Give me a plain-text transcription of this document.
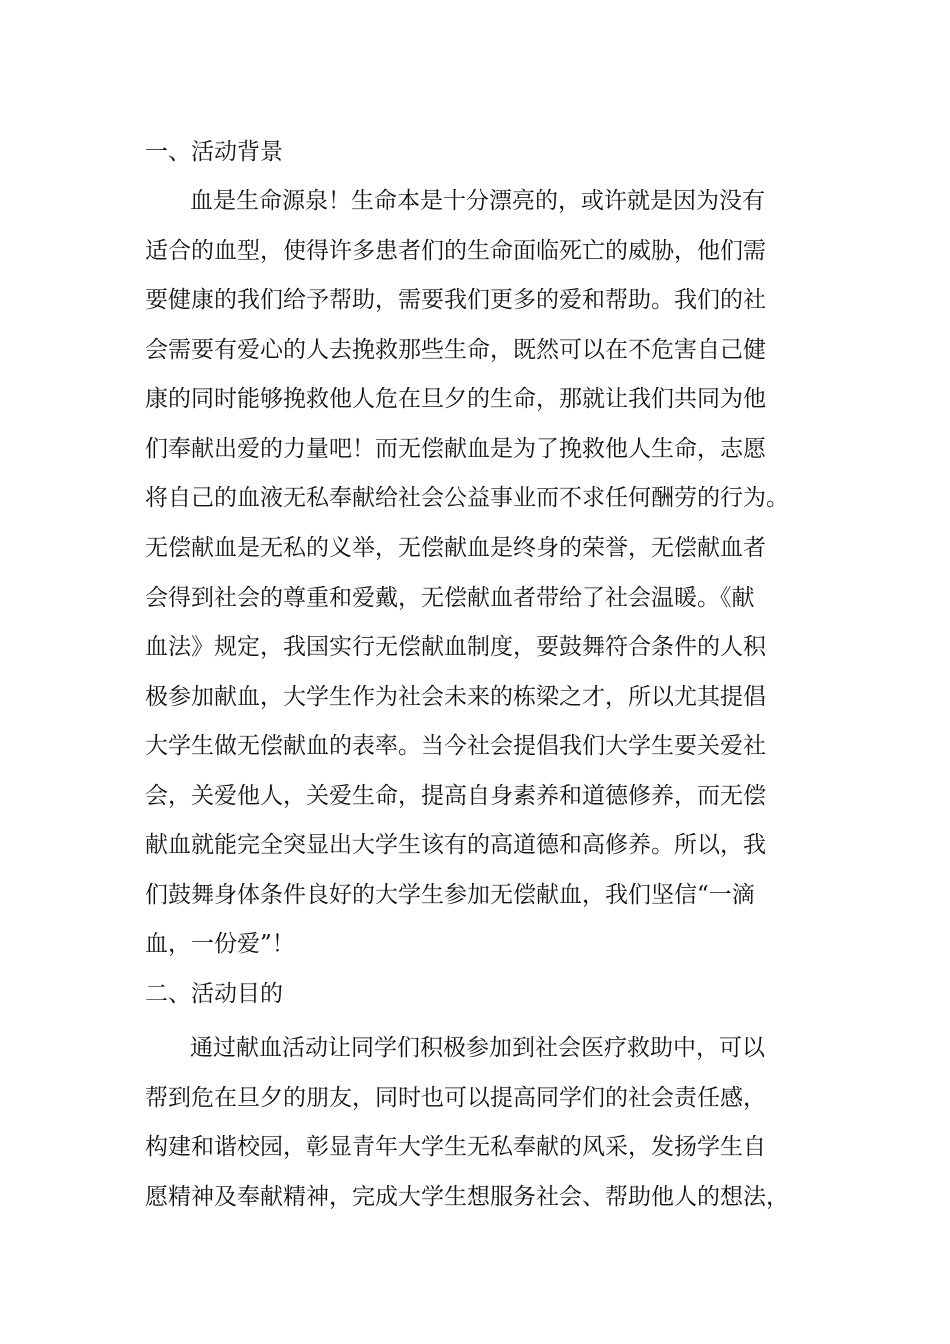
一、活动背景
血是生命源泉！生命本是十分漂亮的，或许就是因为没有
适合的血型，使得许多患者们的生命面临死亡的威胁，他们需
要健康的我们给予帮助，需要我们更多的爱和帮助。我们的社
会需要有爱心的人去挽救那些生命，既然可以在不危害自己健
康的同时能够挽救他人危在旦夕的生命，那就让我们共同为他
们奉献出爱的力量吧！而无偿献血是为了挽救他人生命，志愿
将自己的血液无私奉献给社会公益事业而不求任何酬劳的行为。
无偿献血是无私的义举，无偿献血是终身的荣誉，无偿献血者
会得到社会的尊重和爱戴，无偿献血者带给了社会温暖。《献
血法》规定，我国实行无偿献血制度，要鼓舞符合条件的人积
极参加献血，大学生作为社会未来的栋梁之才，所以尤其提倡
大学生做无偿献血的表率。当今社会提倡我们大学生要关爱社
会，关爱他人，关爱生命，提高自身素养和道德修养，而无偿
献血就能完全突显出大学生该有的高道德和高修养。所以，我
们鼓舞身体条件良好的大学生参加无偿献血，我们坚信“一滴
血，一份爱”！
二、活动目的
通过献血活动让同学们积极参加到社会医疗救助中，可以
帮到危在旦夕的朋友，同时也可以提高同学们的社会责任感，
构建和谐校园，彰显青年大学生无私奉献的风采，发扬学生自
愿精神及奉献精神，完成大学生想服务社会、帮助他人的想法，
